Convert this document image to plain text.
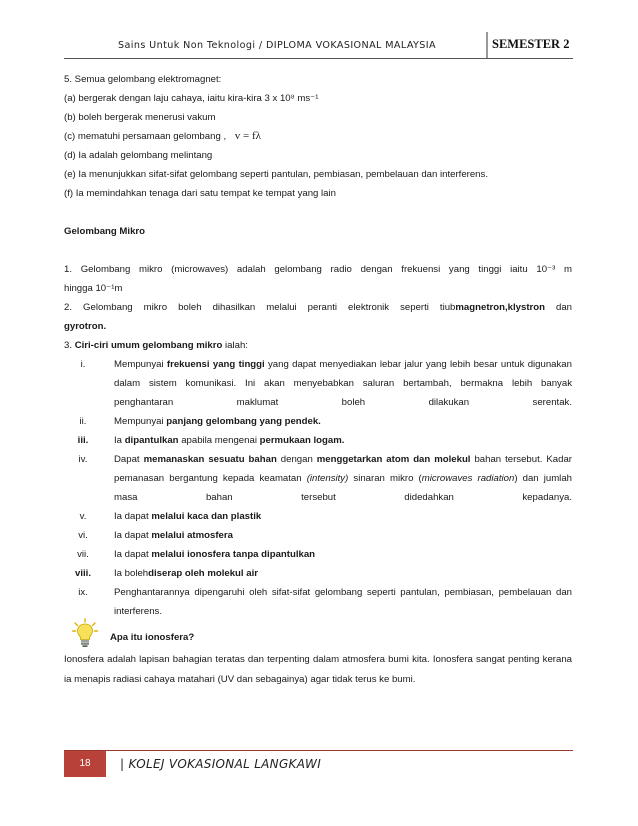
Sains Untuk Non Teknologi / DIPLOMA VOKASIONAL MALAYSIA	SEMESTER 2
5. Semua gelombang elektromagnet:
(a) bergerak dengan laju cahaya, iaitu kira-kira 3 x 10⁸ ms⁻¹
(b) boleh bergerak menerusi vakum
(c) mematuhi persamaan gelombang , v = fλ
(d) Ia adalah gelombang melintang
(e) Ia menunjukkan sifat-sifat gelombang seperti pantulan, pembiasan, pembelauan dan interferens.
(f) Ia memindahkan tenaga dari satu tempat ke tempat yang lain
Gelombang Mikro
1. Gelombang mikro (microwaves) adalah gelombang radio dengan frekuensi yang tinggi iaitu 10⁻³ m
hingga 10⁻¹m
2. Gelombang mikro boleh dihasilkan melalui peranti elektronik seperti tiubmagnetron,klystron dan
gyrotron.
3. Ciri-ciri umum gelombang mikro ialah:
i.	Mempunyai frekuensi yang tinggi yang dapat menyediakan lebar jalur yang lebih besar untuk digunakan dalam sistem komunikasi. Ini akan menyebabkan saluran bertambah, bermakna lebih banyak penghantaran maklumat boleh dilakukan serentak.
ii.	Mempunyai panjang gelombang yang pendek.
iii.	Ia dipantulkan apabila mengenai permukaan logam.
iv.	Dapat memanaskan sesuatu bahan dengan menggetarkan atom dan molekul bahan tersebut. Kadar pemanasan bergantung kepada keamatan (intensity) sinaran mikro (microwaves radiation) dan jumlah masa bahan tersebut didedahkan kepadanya.
v.	Ia dapat melalui kaca dan plastik
vi.	Ia dapat melalui atmosfera
vii.	Ia dapat melalui ionosfera tanpa dipantulkan
viii.	Ia bolehdiserap oleh molekul air
ix.	Penghantarannya dipengaruhi oleh sifat-sifat gelombang seperti pantulan, pembiasan, pembelauan dan interferens.
Apa itu ionosfera?
Ionosfera adalah lapisan bahagian teratas dan terpenting dalam atmosfera bumi kita. Ionosfera sangat penting kerana ia menapis radiasi cahaya matahari (UV dan sebagainya) agar tidak terus ke bumi.
18	| KOLEJ VOKASIONAL LANGKAWI
